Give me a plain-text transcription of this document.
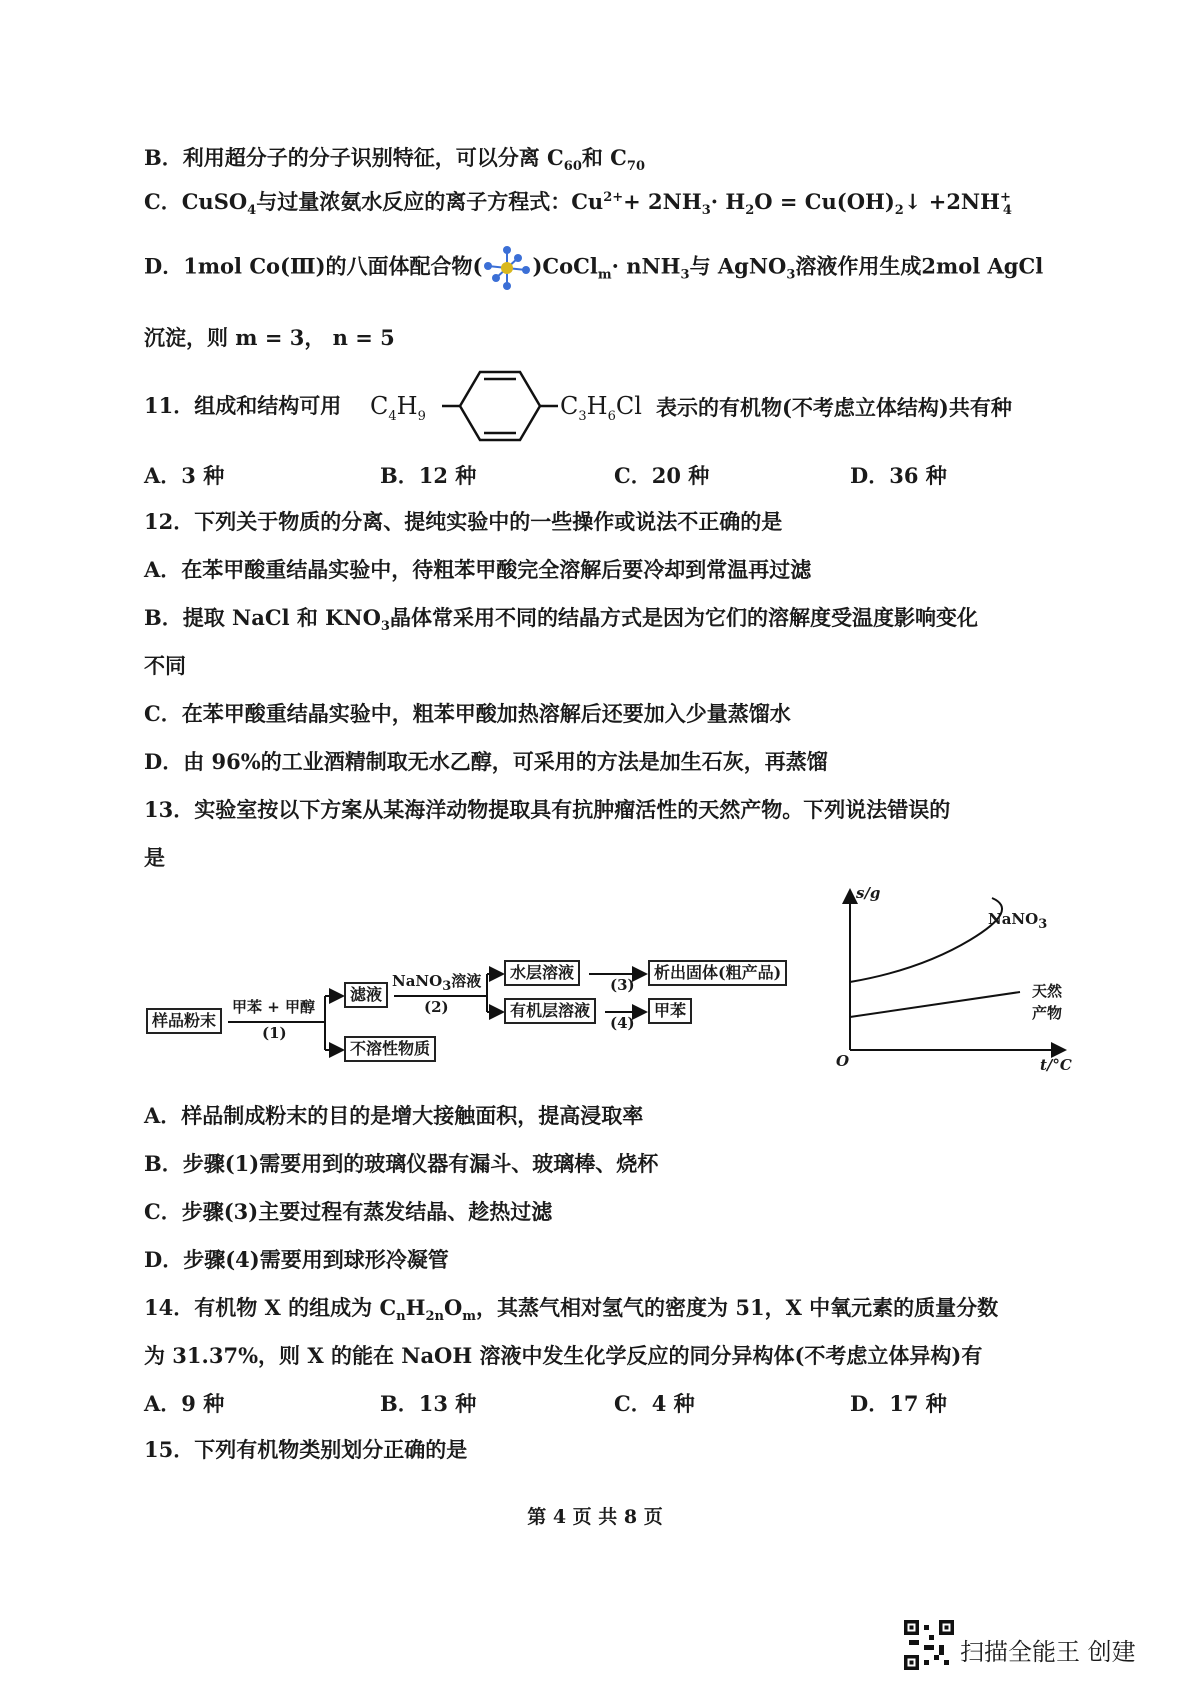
B．利用超分子的分子识别特征，可以分离 $C_{60}$和 $C_{70}$
C．CuSO$_4$与过量浓氨水反应的离子方程式：$Cu^{2+}+ 2NH_3\cdot H_2O$ = $Cu(OH)_2↓ +2NH^+_4$
D．1mol Co(Ⅲ)的八面体配合物( )CoCl$_m$· nNH$_3$与 AgNO$_3$溶液作用生成2mol AgCl
沉淀，则 m = 3， n = 5
11．组成和结构可用 $C_4H_9$	$C_3H_6Cl$ 表示的有机物(不考虑立体结构)共有种
A．3 种	B．12 种	C．20 种	D．36 种
12．下列关于物质的分离、提纯实验中的一些操作或说法不正确的是
A．在苯甲酸重结晶实验中，待粗苯甲酸完全溶解后要冷却到常温再过滤
B．提取 NaCl 和 $KNO_3$晶体常采用不同的结晶方式是因为它们的溶解度受温度影响变化
不同
C．在苯甲酸重结晶实验中，粗苯甲酸加热溶解后还要加入少量蒸馏水
D．由 96%的工业酒精制取无水乙醇，可采用的方法是加生石灰，再蒸馏
13．实验室按以下方案从某海洋动物提取具有抗肿瘤活性的天然产物。下列说法错误的
是
样品粉末
甲苯 + 甲醇
(1)
滤液
不溶性物质
NaNO$_3$溶液
(2)
水层溶液
有机层溶液
(3)
(4)
析出固体(粗产品)
甲苯
s/g
t/°C
O
NaNO$_3$
天然
产物
A．样品制成粉末的目的是增大接触面积，提高浸取率
B．步骤(1)需要用到的玻璃仪器有漏斗、玻璃棒、烧杯
C．步骤(3)主要过程有蒸发结晶、趁热过滤
D．步骤(4)需要用到球形冷凝管
14．有机物 X 的组成为 $C_nH_{2n}O_m$，其蒸气相对氢气的密度为 51，X 中氧元素的质量分数
为 31.37%，则 X 的能在 NaOH 溶液中发生化学反应的同分异构体(不考虑立体异构)有
A．9 种	B．13 种	C．4 种	D．17 种
15．下列有机物类别划分正确的是
第 4 页 共 8 页
扫描全能王 创建
